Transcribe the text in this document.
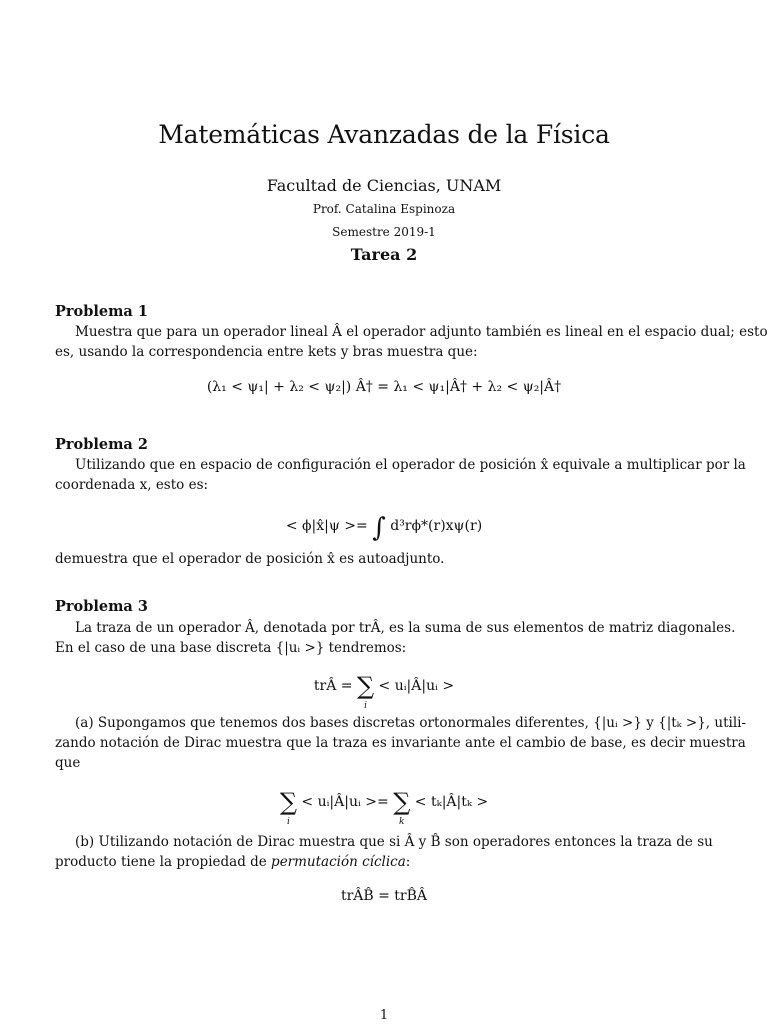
Matemáticas Avanzadas de la Física
Facultad de Ciencias, UNAM
Prof. Catalina Espinoza
Semestre 2019-1
Tarea 2
Problema 1
Muestra que para un operador lineal Â el operador adjunto también es lineal en el espacio dual; esto
es, usando la correspondencia entre kets y bras muestra que:
(λ₁ < ψ₁| + λ₂ < ψ₂|) Â† = λ₁ < ψ₁|Â† + λ₂ < ψ₂|Â†
Problema 2
Utilizando que en espacio de configuración el operador de posición x̂ equivale a multiplicar por la
coordenada x, esto es:
< ϕ|x̂|ψ >= ∫ d³rϕ*(r)xψ(r)
demuestra que el operador de posición x̂ es autoadjunto.
Problema 3
La traza de un operador Â, denotada por trÂ, es la suma de sus elementos de matriz diagonales.
En el caso de una base discreta {|uᵢ >} tendremos:
trÂ = ∑
i
< uᵢ|Â|uᵢ >
(a) Supongamos que tenemos dos bases discretas ortonormales diferentes, {|uᵢ >} y {|tₖ >}, utili-
zando notación de Dirac muestra que la traza es invariante ante el cambio de base, es decir muestra
que
∑
i
< uᵢ|Â|uᵢ >= ∑
k
< tₖ|Â|tₖ >
(b) Utilizando notación de Dirac muestra que si Â y B̂ son operadores entonces la traza de su
producto tiene la propiedad de permutación cíclica:
trÂB̂ = trB̂Â
1
